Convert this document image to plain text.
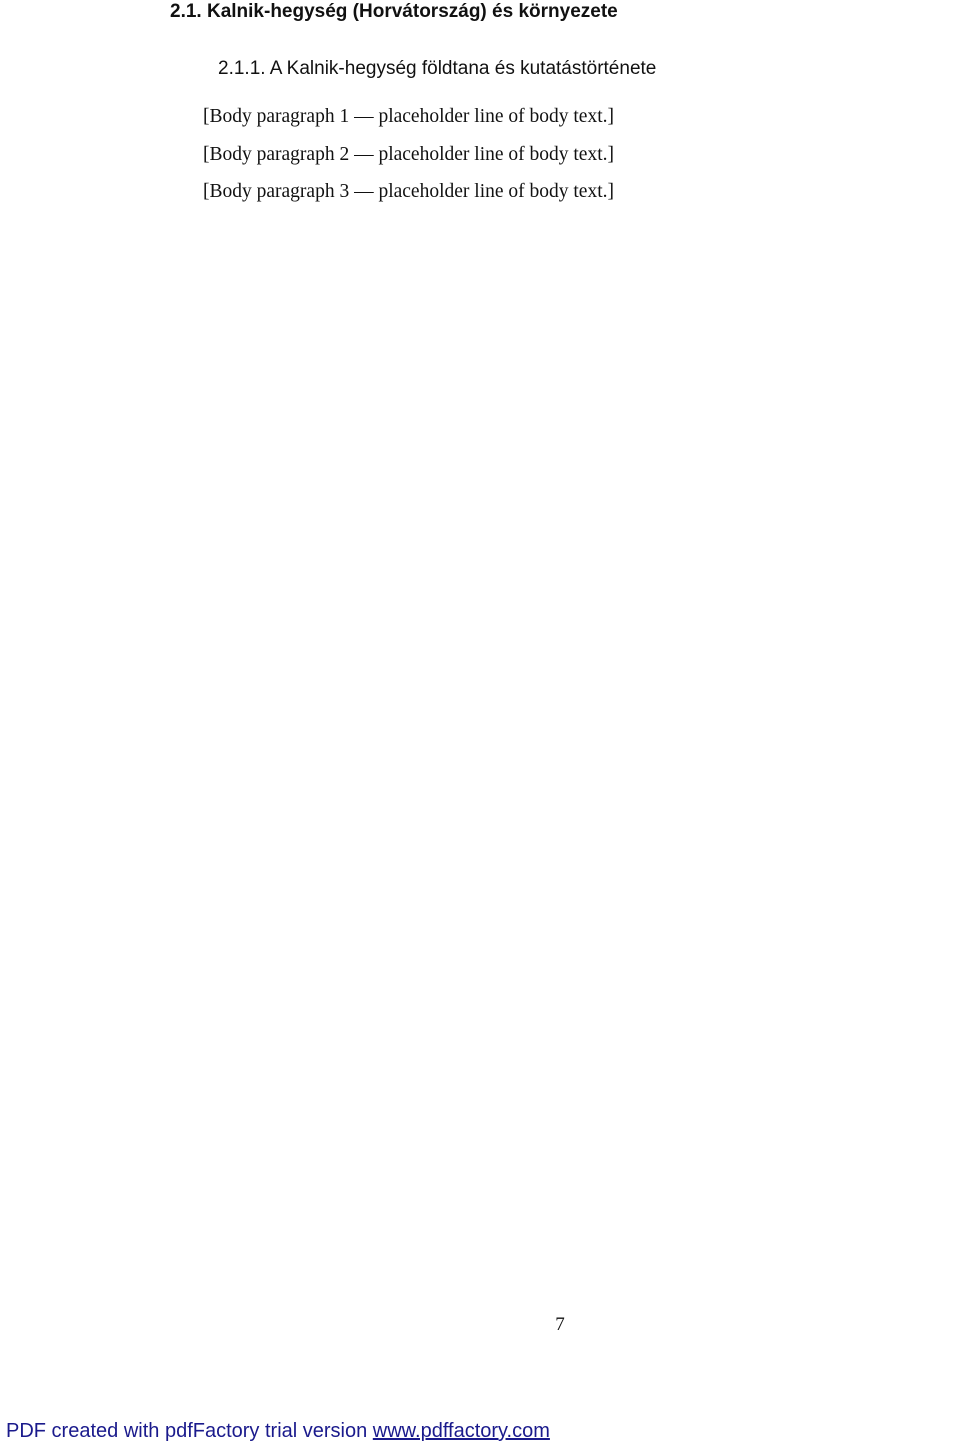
2.1. Kalnik-hegység (Horvátország) és környezete
2.1.1. A Kalnik-hegység földtana és kutatástörténete

[Body paragraph 1 — placeholder line of body text.]

[Body paragraph 2 — placeholder line of body text.]

[Body paragraph 3 — placeholder line of body text.]

7
PDF created with pdfFactory trial version www.pdffactory.com
